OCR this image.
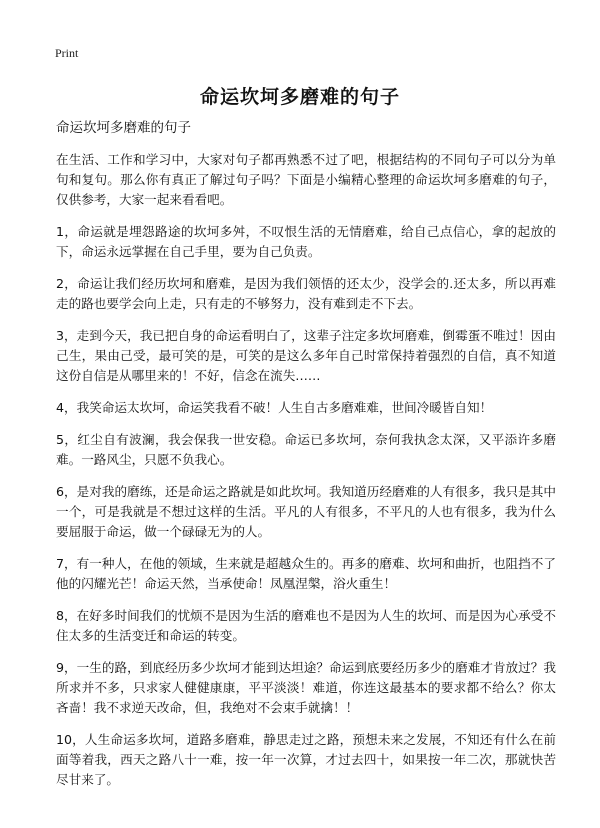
Print
命运坎坷多磨难的句子

命运坎坷多磨难的句子

在生活、工作和学习中，大家对句子都再熟悉不过了吧，根据结构的不同句子可以分为单句和复句。那么你有真正了解过句子吗？下面是小编精心整理的命运坎坷多磨难的句子，仅供参考，大家一起来看看吧。

1，命运就是埋怨路途的坎坷多舛，不叹恨生活的无情磨难，给自己点信心，拿的起放的下，命运永远掌握在自己手里，要为自己负责。

2，命运让我们经历坎坷和磨难，是因为我们领悟的还太少，没学会的.还太多，所以再难走的路也要学会向上走，只有走的不够努力，没有难到走不下去。

3，走到今天，我已把自身的命运看明白了，这辈子注定多坎坷磨难，倒霉蛋不唯过！因由己生，果由己受，最可笑的是，可笑的是这么多年自己时常保持着强烈的自信，真不知道这份自信是从哪里来的！不好，信念在流失……

4，我笑命运太坎坷，命运笑我看不破！人生自古多磨难难，世间冷暖皆自知！

5，红尘自有波澜，我会保我一世安稳。命运已多坎坷，奈何我执念太深，又平添许多磨难。一路风尘，只愿不负我心。

6，是对我的磨练，还是命运之路就是如此坎坷。我知道历经磨难的人有很多，我只是其中一个，可是我就是不想过这样的生活。平凡的人有很多，不平凡的人也有很多，我为什么要屈服于命运，做一个碌碌无为的人。

7，有一种人，在他的领域，生来就是超越众生的。再多的磨难、坎坷和曲折，也阻挡不了他的闪耀光芒！命运天然，当承使命！凤凰涅槃，浴火重生！

8，在好多时间我们的忧烦不是因为生活的磨难也不是因为人生的坎坷、而是因为心承受不住太多的生活变迁和命运的转变。

9，一生的路，到底经历多少坎坷才能到达坦途？命运到底要经历多少的磨难才肯放过？我所求并不多，只求家人健健康康，平平淡淡！难道，你连这最基本的要求都不给么？你太吝啬！我不求逆天改命，但，我绝对不会束手就擒！！

10，人生命运多坎坷，道路多磨难，静思走过之路，预想未来之发展，不知还有什么在前面等着我，西天之路八十一难，按一年一次算，才过去四十，如果按一年二次，那就快苦尽甘来了。
